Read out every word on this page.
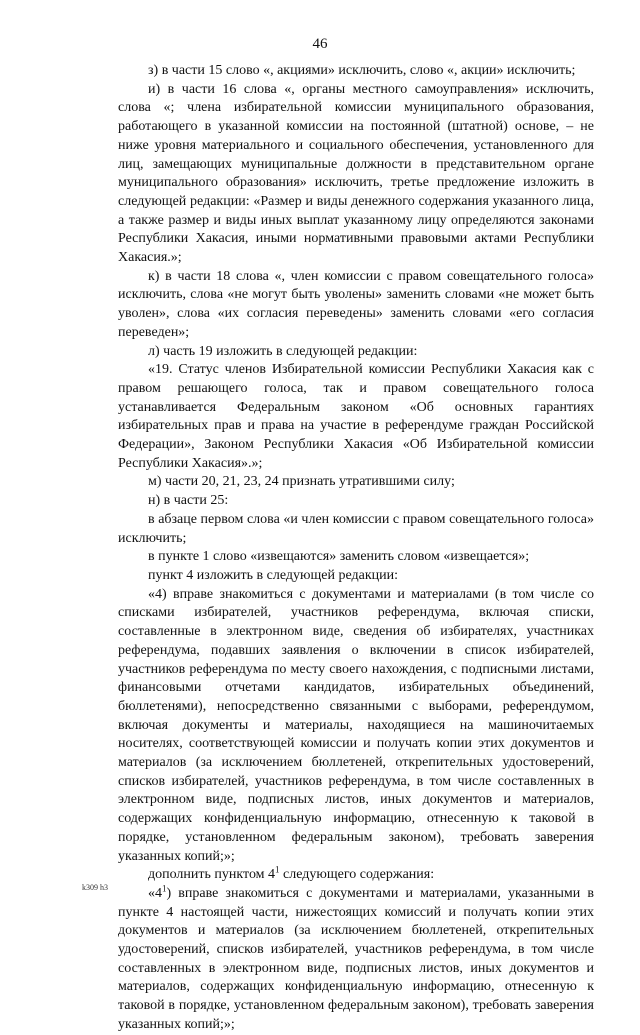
46

з) в части 15 слово «, акциями» исключить, слово «, акции» исключить;

и) в части 16 слова «, органы местного самоуправления» исключить, слова «; члена избирательной комиссии муниципального образования, работающего в указанной комиссии на постоянной (штатной) основе, – не ниже уровня материального и социального обеспечения, установленного для лиц, замещающих муниципальные должности в представительном органе муниципального образования» исключить, третье предложение изложить в следующей редакции: «Размер и виды денежного содержания указанного лица, а также размер и виды иных выплат указанному лицу определяются законами Республики Хакасия, иными нормативными правовыми актами Республики Хакасия.»;

к) в части 18 слова «, член комиссии с правом совещательного голоса» исключить, слова «не могут быть уволены» заменить словами «не может быть уволен», слова «их согласия переведены» заменить словами «его согласия переведен»;

л) часть 19 изложить в следующей редакции:

«19. Статус членов Избирательной комиссии Республики Хакасия как с правом решающего голоса, так и правом совещательного голоса устанавливается Федеральным законом «Об основных гарантиях избирательных прав и права на участие в референдуме граждан Российской Федерации», Законом Республики Хакасия «Об Избирательной комиссии Республики Хакасия».»;

м) части 20, 21, 23, 24 признать утратившими силу;

н) в части 25:

в абзаце первом слова «и член комиссии с правом совещательного голоса» исключить;

в пункте 1 слово «извещаются» заменить словом «извещается»;

пункт 4 изложить в следующей редакции:

«4) вправе знакомиться с документами и материалами (в том числе со списками избирателей, участников референдума, включая списки, составленные в электронном виде, сведения об избирателях, участниках референдума, подавших заявления о включении в список избирателей, участников референдума по месту своего нахождения, с подписными листами, финансовыми отчетами кандидатов, избирательных объединений, бюллетенями), непосредственно связанными с выборами, референдумом, включая документы и материалы, находящиеся на машиночитаемых носителях, соответствующей комиссии и получать копии этих документов и материалов (за исключением бюллетеней, открепительных удостоверений, списков избирателей, участников референдума, в том числе составленных в электронном виде, подписных листов, иных документов и материалов, содержащих конфиденциальную информацию, отнесенную к таковой в порядке, установленном федеральным законом), требовать заверения указанных копий;»;

дополнить пунктом $4^1$ следующего содержания:

«$4^1$) вправе знакомиться с документами и материалами, указанными в пункте 4 настоящей части, нижестоящих комиссий и получать копии этих документов и материалов (за исключением бюллетеней, открепительных удостоверений, списков избирателей, участников референдума, в том числе составленных в электронном виде, подписных листов, иных документов и материалов, содержащих конфиденциальную информацию, отнесенную к таковой в порядке, установленном федеральным законом), требовать заверения указанных копий;»;

k309 h3
